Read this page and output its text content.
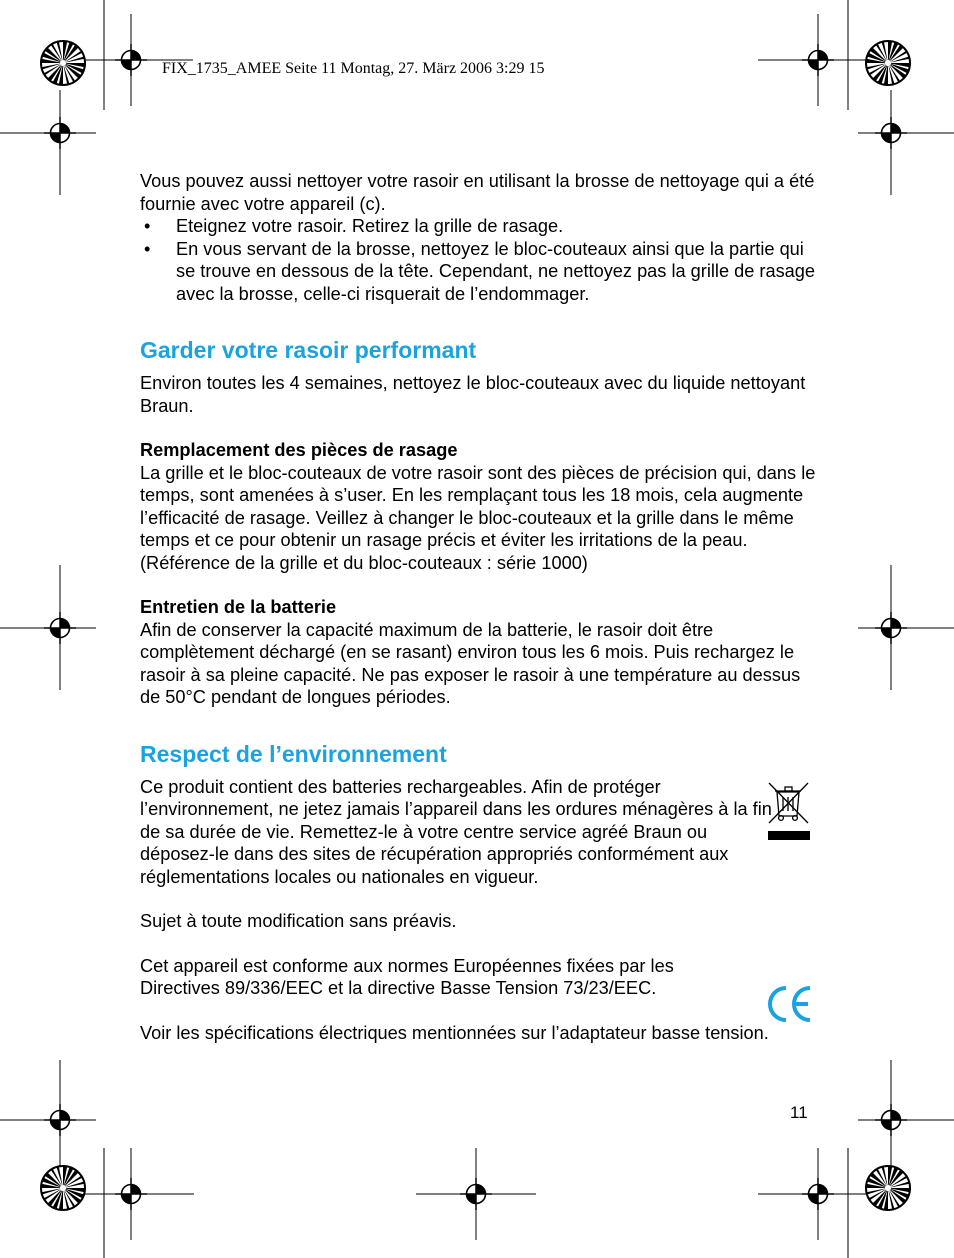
FIX_1735_AMEE Seite 11 Montag, 27. März 2006 3:29 15

Vous pouvez aussi nettoyer votre rasoir en utilisant la brosse de nettoyage qui a été fournie avec votre appareil (c).

• Eteignez votre rasoir. Retirez la grille de rasage.
• En vous servant de la brosse, nettoyez le bloc-couteaux ainsi que la partie qui se trouve en dessous de la tête. Cependant, ne nettoyez pas la grille de rasage avec la brosse, celle-ci risquerait de l’endommager.
Garder votre rasoir performant

Environ toutes les 4 semaines, nettoyez le bloc-couteaux avec du liquide nettoyant Braun.

Remplacement des pièces de rasage

La grille et le bloc-couteaux de votre rasoir sont des pièces de précision qui, dans le temps, sont amenées à s’user. En les remplaçant tous les 18 mois, cela augmente l’efficacité de rasage. Veillez à changer le bloc-couteaux et la grille dans le même temps et ce pour obtenir un rasage précis et éviter les irritations de la peau. (Référence de la grille et du bloc-couteaux : série 1000)

Entretien de la batterie

Afin de conserver la capacité maximum de la batterie, le rasoir doit être complètement déchargé (en se rasant) environ tous les 6 mois. Puis rechargez le rasoir à sa pleine capacité. Ne pas exposer le rasoir à une température au dessus de 50°C pendant de longues périodes.

Respect de l’environnement

Ce produit contient des batteries rechargeables. Afin de protéger l’environnement, ne jetez jamais l’appareil dans les ordures ménagères à la fin de sa durée de vie. Remettez-le à votre centre service agréé Braun ou déposez-le dans des sites de récupération appropriés conformément aux réglementations locales ou nationales en vigueur.

Sujet à toute modification sans préavis.

Cet appareil est conforme aux normes Européennes fixées par les Directives 89/336/EEC et la directive Basse Tension 73/23/EEC.

Voir les spécifications électriques mentionnées sur l’adaptateur basse tension.

11
